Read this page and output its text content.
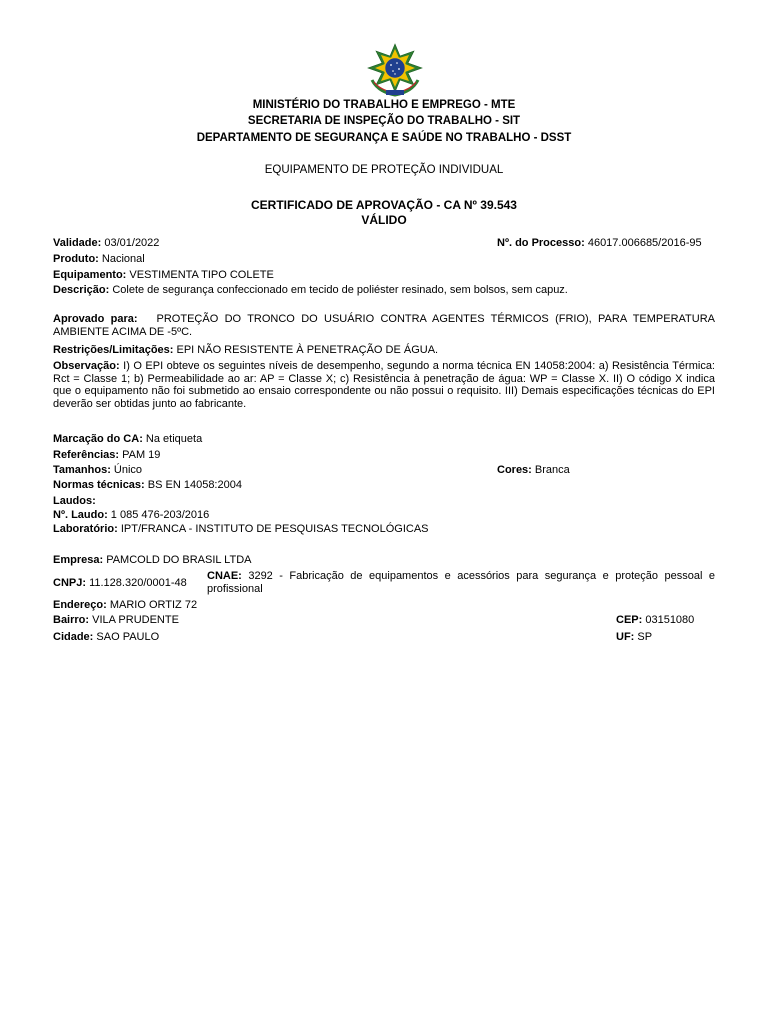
MINISTÉRIO DO TRABALHO E EMPREGO - MTE
SECRETARIA DE INSPEÇÃO DO TRABALHO - SIT
DEPARTAMENTO DE SEGURANÇA E SAÚDE NO TRABALHO - DSST
EQUIPAMENTO DE PROTEÇÃO INDIVIDUAL
CERTIFICADO DE APROVAÇÃO - CA Nº 39.543
VÁLIDO
Validade: 03/01/2022	Nº. do Processo: 46017.006685/2016-95
Produto: Nacional
Equipamento: VESTIMENTA TIPO COLETE
Descrição: Colete de segurança confeccionado em tecido de poliéster resinado, sem bolsos, sem capuz.
Aprovado para: PROTEÇÃO DO TRONCO DO USUÁRIO CONTRA AGENTES TÉRMICOS (FRIO), PARA TEMPERATURA AMBIENTE ACIMA DE -5ºC.
Restrições/Limitações: EPI NÃO RESISTENTE À PENETRAÇÃO DE ÁGUA.
Observação: I) O EPI obteve os seguintes níveis de desempenho, segundo a norma técnica EN 14058:2004: a) Resistência Térmica: Rct = Classe 1; b) Permeabilidade ao ar: AP = Classe X; c) Resistência à penetração de água: WP = Classe X. II) O código X indica que o equipamento não foi submetido ao ensaio correspondente ou não possui o requisito. III) Demais especificações técnicas do EPI deverão ser obtidas junto ao fabricante.
Marcação do CA: Na etiqueta
Referências: PAM 19
Tamanhos: Único	Cores: Branca
Normas técnicas: BS EN 14058:2004
Laudos:
Nº. Laudo: 1 085 476-203/2016
Laboratório: IPT/FRANCA - INSTITUTO DE PESQUISAS TECNOLÓGICAS
Empresa: PAMCOLD DO BRASIL LTDA
CNPJ: 11.128.320/0001-48
CNAE: 3292 - Fabricação de equipamentos e acessórios para segurança e proteção pessoal e profissional
Endereço: MARIO ORTIZ 72
Bairro: VILA PRUDENTE	CEP: 03151080
Cidade: SAO PAULO	UF: SP
